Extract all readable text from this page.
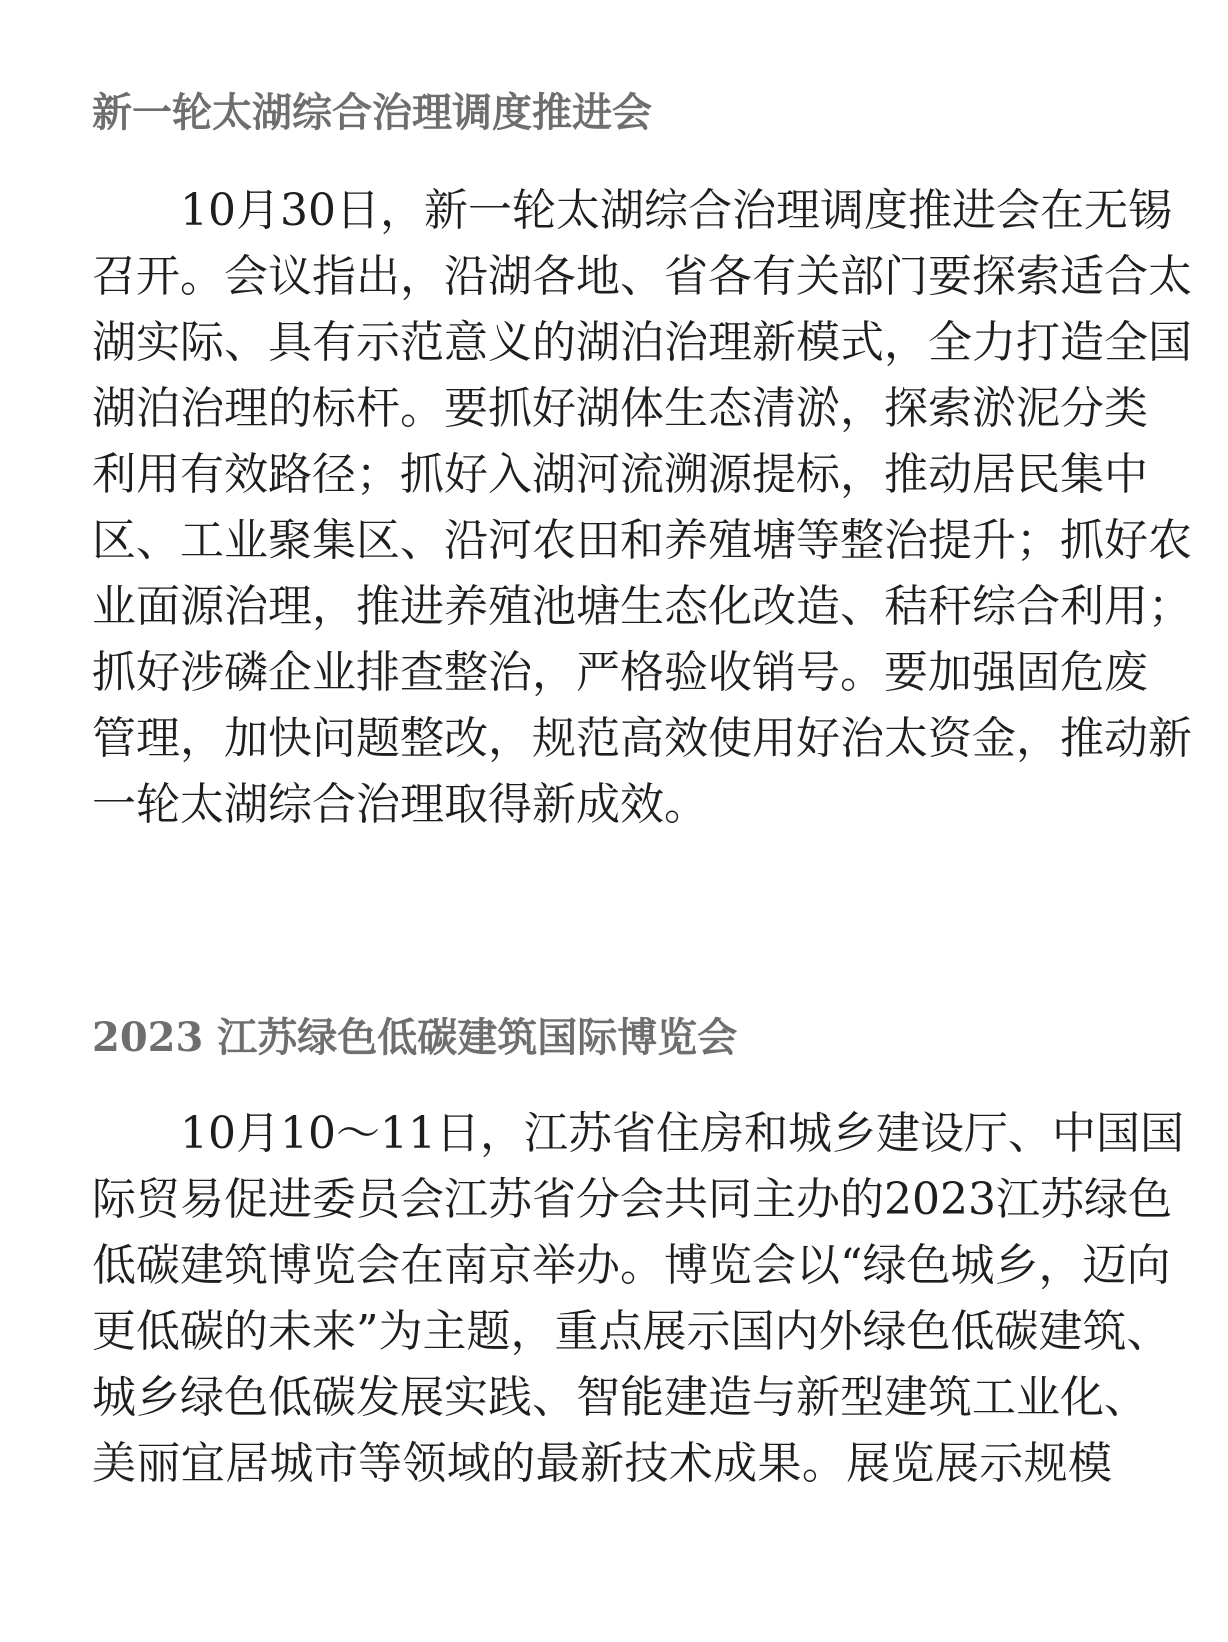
新一轮太湖综合治理调度推进会
10月30日，新一轮太湖综合治理调度推进会在无锡
召开。会议指出，沿湖各地、省各有关部门要探索适合太
湖实际、具有示范意义的湖泊治理新模式，全力打造全国
湖泊治理的标杆。要抓好湖体生态清淤，探索淤泥分类
利用有效路径；抓好入湖河流溯源提标，推动居民集中
区、工业聚集区、沿河农田和养殖塘等整治提升；抓好农
业面源治理，推进养殖池塘生态化改造、秸秆综合利用；
抓好涉磷企业排查整治，严格验收销号。要加强固危废
管理，加快问题整改，规范高效使用好治太资金，推动新
一轮太湖综合治理取得新成效。
2023 江苏绿色低碳建筑国际博览会
10月10～11日，江苏省住房和城乡建设厅、中国国
际贸易促进委员会江苏省分会共同主办的2023江苏绿色
低碳建筑博览会在南京举办。博览会以“绿色城乡，迈向
更低碳的未来”为主题，重点展示国内外绿色低碳建筑、
城乡绿色低碳发展实践、智能建造与新型建筑工业化、
美丽宜居城市等领域的最新技术成果。展览展示规模
